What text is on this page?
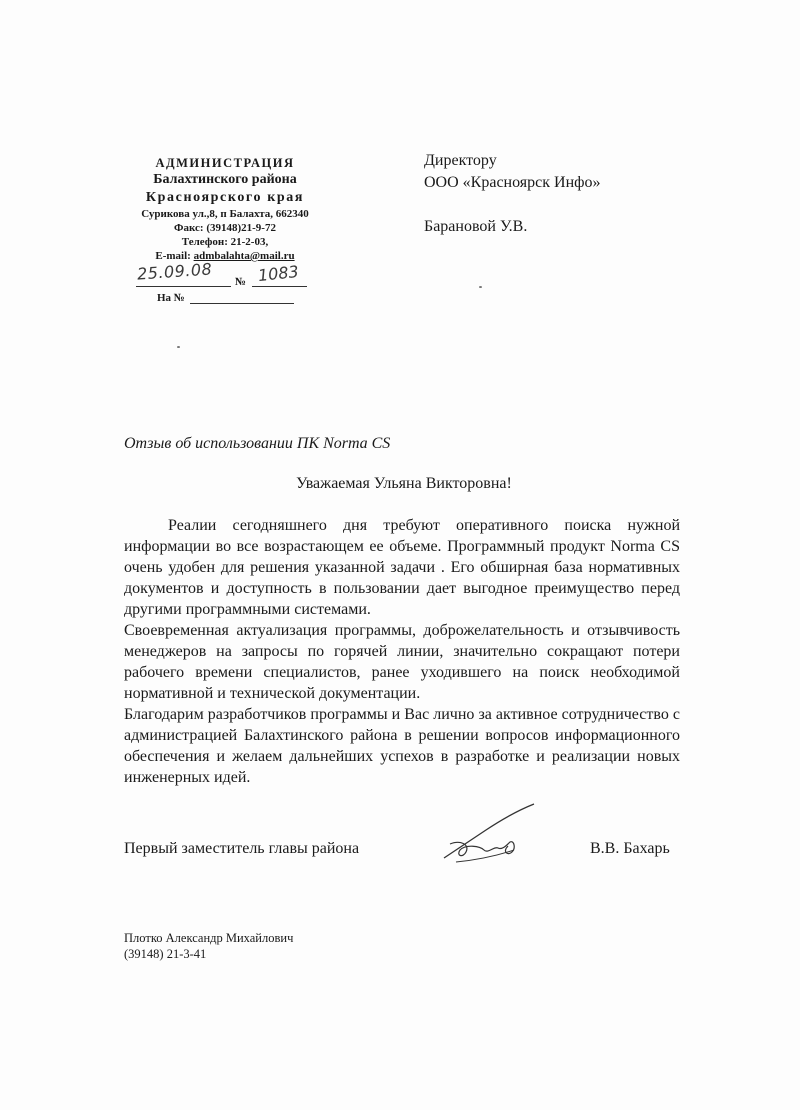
АДМИНИСТРАЦИЯ
Балахтинского района
Красноярского края
Сурикова ул.,8, п Балахта, 662340
Факс: (39148)21-9-72
Телефон: 21-2-03,
E-mail: admbalahta@mail.ru
25.09.08 № 1083
На №
Директору
ООО «Красноярск Инфо»
Барановой У.В.
Отзыв об использовании ПК Norma CS
Уважаемая Ульяна Викторовна!

Реалии сегодняшнего дня требуют оперативного поиска нужной информации во все возрастающем ее объеме. Программный продукт Norma CS очень удобен для решения указанной задачи . Его обширная база нормативных документов и доступность в пользовании дает выгодное преимущество перед другими программными системами.

Своевременная актуализация программы, доброжелательность и отзывчивость менеджеров на запросы по горячей линии, значительно сокращают потери рабочего времени специалистов, ранее уходившего на поиск необходимой нормативной и технической документации.

Благодарим разработчиков программы и Вас лично за активное сотрудничество с администрацией Балахтинского района в решении вопросов информационного обеспечения и желаем дальнейших успехов в разработке и реализации новых инженерных идей.

Первый заместитель главы района	В.В. Бахарь
Плотко Александр Михайлович
(39148) 21-3-41
